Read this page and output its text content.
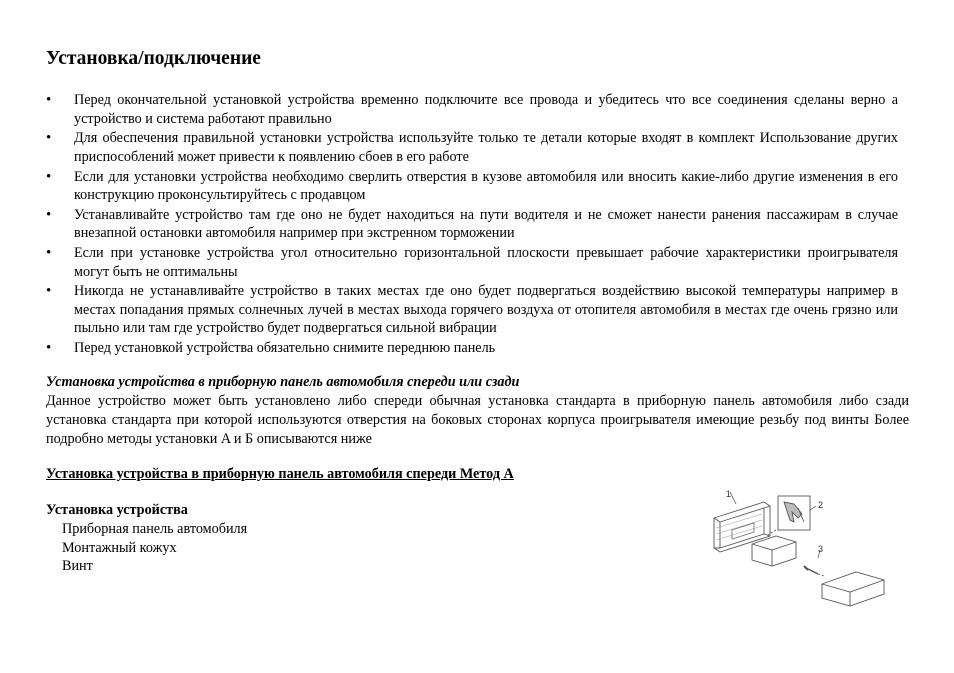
Установка/подключение
• Перед окончательной установкой устройства временно подключите все провода и убедитесь что все соединения сделаны верно а устройство и система работают правильно
• Для обеспечения правильной установки устройства используйте только те детали которые входят в комплект Использование других приспособлений может привести к появлению сбоев в его работе
• Если для установки устройства необходимо сверлить отверстия в кузове автомобиля или вносить какие-либо другие изменения в его конструкцию проконсультируйтесь с продавцом
• Устанавливайте устройство там где оно не будет находиться на пути водителя и не сможет нанести ранения пассажирам в случае внезапной остановки автомобиля например при экстренном торможении
• Если при установке устройства угол относительно горизонтальной плоскости превышает рабочие характеристики проигрывателя могут быть не оптимальны
• Никогда не устанавливайте устройство в таких местах где оно будет подвергаться воздействию высокой температуры например в местах попадания прямых солнечных лучей в местах выхода горячего воздуха от отопителя автомобиля в местах где очень грязно или пыльно или там где устройство будет подвергаться сильной вибрации
• Перед установкой устройства обязательно снимите переднюю панель

Установка устройства в приборную панель автомобиля спереди или сзади

Данное устройство может быть установлено либо спереди обычная установка стандарта в приборную панель автомобиля либо сзади установка стандарта при которой используются отверстия на боковых сторонах корпуса проигрывателя имеющие резьбу под винты Более подробно методы установки A и Б описываются ниже

Установка устройства в приборную панель автомобиля спереди Метод A

Установка устройства

Приборная панель автомобиля
Монтажный кожух
Винт
1
2
3
